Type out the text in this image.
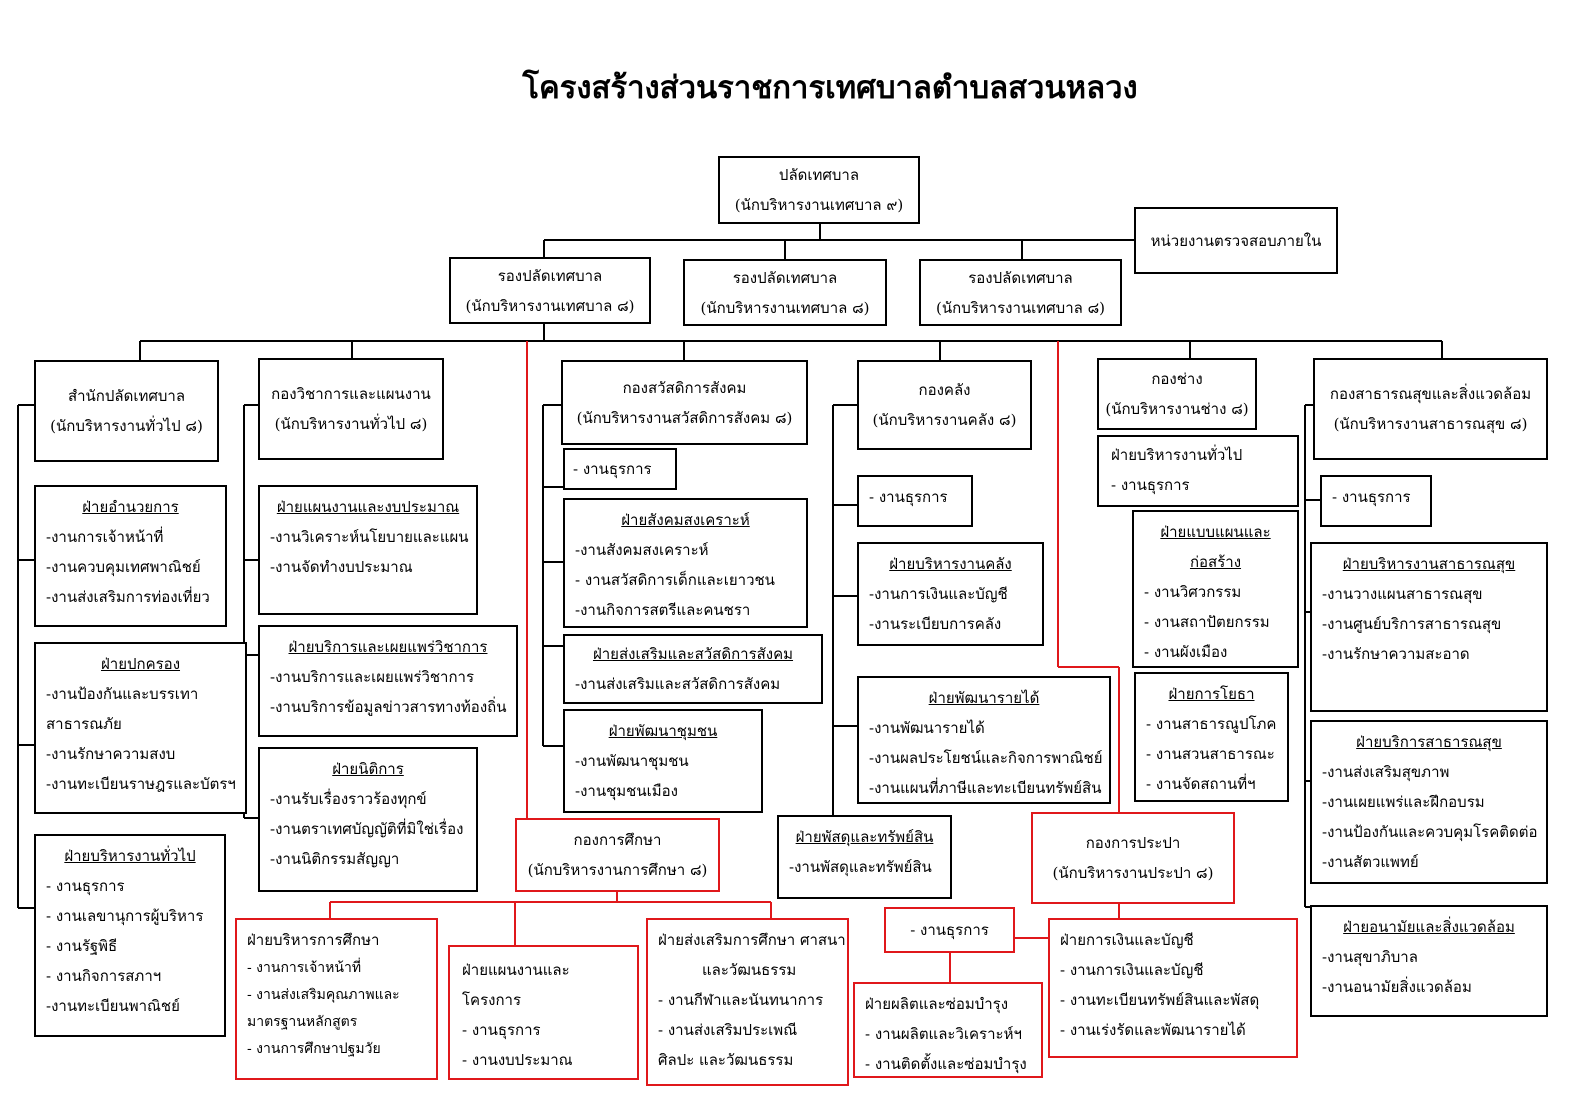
โครงสร้างส่วนราชการเทศบาลตำบลสวนหลวง
ปลัดเทศบาล
(นักบริหารงานเทศบาล ๙)
หน่วยงานตรวจสอบภายใน
รองปลัดเทศบาล
(นักบริหารงานเทศบาล ๘)
รองปลัดเทศบาล
(นักบริหารงานเทศบาล ๘)
รองปลัดเทศบาล
(นักบริหารงานเทศบาล ๘)
สำนักปลัดเทศบาล
(นักบริหารงานทั่วไป ๘)
ฝ่ายอำนวยการ
-งานการเจ้าหน้าที่
-งานควบคุมเทศพาณิชย์
-งานส่งเสริมการท่องเที่ยว
ฝ่ายปกครอง
-งานป้องกันและบรรเทา
สาธารณภัย
-งานรักษาความสงบ
-งานทะเบียนราษฎรและบัตรฯ
ฝ่ายบริหารงานทั่วไป
- งานธุรการ
- งานเลขานุการผู้บริหาร
- งานรัฐพิธี
- งานกิจการสภาฯ
-งานทะเบียนพาณิชย์
กองวิชาการและแผนงาน
(นักบริหารงานทั่วไป ๘)
ฝ่ายแผนงานและงบประมาณ
-งานวิเคราะห์นโยบายและแผน
-งานจัดทำงบประมาณ
ฝ่ายบริการและเผยแพร่วิชาการ
-งานบริการและเผยแพร่วิชาการ
-งานบริการข้อมูลข่าวสารทางท้องถิ่น
ฝ่ายนิติการ
-งานรับเรื่องราวร้องทุกข์
-งานตราเทศบัญญัติที่มิใช่เรื่อง
-งานนิติกรรมสัญญา
กองสวัสดิการสังคม
(นักบริหารงานสวัสดิการสังคม ๘)
- งานธุรการ
ฝ่ายสังคมสงเคราะห์
-งานสังคมสงเคราะห์
- งานสวัสดิการเด็กและเยาวชน
-งานกิจการสตรีและคนชรา
ฝ่ายส่งเสริมและสวัสดิการสังคม
-งานส่งเสริมและสวัสดิการสังคม
ฝ่ายพัฒนาชุมชน
-งานพัฒนาชุมชน
-งานชุมชนเมือง
กองคลัง
(นักบริหารงานคลัง ๘)
- งานธุรการ
ฝ่ายบริหารงานคลัง
-งานการเงินและบัญชี
-งานระเบียบการคลัง
ฝ่ายพัฒนารายได้
-งานพัฒนารายได้
-งานผลประโยชน์และกิจการพาณิชย์
-งานแผนที่ภาษีและทะเบียนทรัพย์สิน
ฝ่ายพัสดุและทรัพย์สิน
-งานพัสดุและทรัพย์สิน
กองช่าง
(นักบริหารงานช่าง ๘)
ฝ่ายบริหารงานทั่วไป
- งานธุรการ
ฝ่ายแบบแผนและ
ก่อสร้าง
- งานวิศวกรรม
- งานสถาปัตยกรรม
- งานผังเมือง
ฝ่ายการโยธา
- งานสาธารณูปโภค
- งานสวนสาธารณะ
- งานจัดสถานที่ฯ
กองสาธารณสุขและสิ่งแวดล้อม
(นักบริหารงานสาธารณสุข ๘)
- งานธุรการ
ฝ่ายบริหารงานสาธารณสุข
-งานวางแผนสาธารณสุข
-งานศูนย์บริการสาธารณสุข
-งานรักษาความสะอาด
ฝ่ายบริการสาธารณสุข
-งานส่งเสริมสุขภาพ
-งานเผยแพร่และฝึกอบรม
-งานป้องกันและควบคุมโรคติดต่อ
-งานสัตวแพทย์
ฝ่ายอนามัยและสิ่งแวดล้อม
-งานสุขาภิบาล
-งานอนามัยสิ่งแวดล้อม
กองการศึกษา
(นักบริหารงานการศึกษา ๘)
ฝ่ายบริหารการศึกษา
- งานการเจ้าหน้าที่
- งานส่งเสริมคุณภาพและ
มาตรฐานหลักสูตร
- งานการศึกษาปฐมวัย
ฝ่ายแผนงานและโครงการ
- งานธุรการ
- งานงบประมาณ
ฝ่ายส่งเสริมการศึกษา ศาสนา
และวัฒนธรรม
- งานกีฬาและนันทนาการ
- งานส่งเสริมประเพณี
ศิลปะ และวัฒนธรรม
กองการประปา
(นักบริหารงานประปา ๘)
- งานธุรการ
ฝ่ายผลิตและซ่อมบำรุง
- งานผลิตและวิเคราะห์ฯ
- งานติดตั้งและซ่อมบำรุง
ฝ่ายการเงินและบัญชี
- งานการเงินและบัญชี
- งานทะเบียนทรัพย์สินและพัสดุ
- งานเร่งรัดและพัฒนารายได้
